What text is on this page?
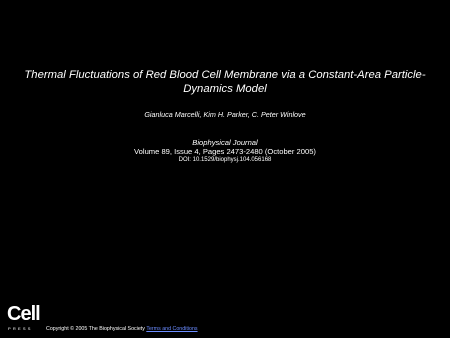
Thermal Fluctuations of Red Blood Cell Membrane via a Constant-Area Particle-Dynamics Model
Gianluca Marcelli, Kim H. Parker, C. Peter Winlove
Biophysical Journal
Volume 89, Issue 4, Pages 2473-2480 (October 2005)
DOI: 10.1529/biophysj.104.056168
Cell
PRESS	Copyright © 2005 The Biophysical Society Terms and Conditions
